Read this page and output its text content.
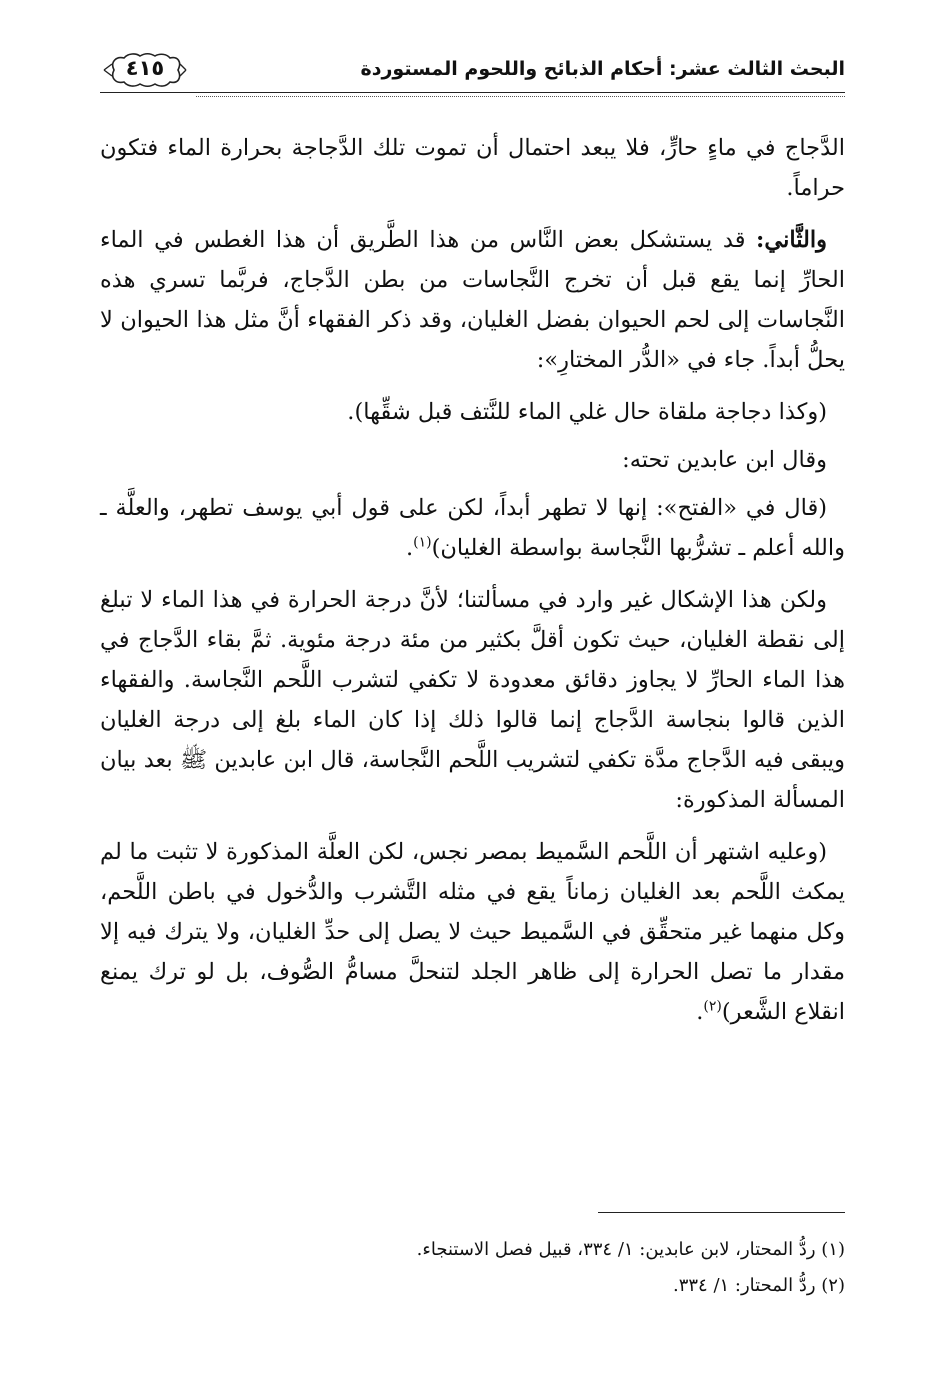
البحث الثالث عشر: أحكام الذبائح واللحوم المستوردة
٤١٥

الدَّجاج في ماءٍ حارٍّ، فلا يبعد احتمال أن تموت تلك الدَّجاجة بحرارة الماء فتكون حراماً.

والثَّاني: قد يستشكل بعض النَّاس من هذا الطَّريق أن هذا الغطس في الماء الحارِّ إنما يقع قبل أن تخرج النَّجاسات من بطن الدَّجاج، فربَّما تسري هذه النَّجاسات إلى لحم الحيوان بفضل الغليان، وقد ذكر الفقهاء أنَّ مثل هذا الحيوان لا يحلُّ أبداً. جاء في «الدُّر المختارِ»:

(وكذا دجاجة ملقاة حال غلي الماء للنَّتف قبل شقِّها).

وقال ابن عابدين تحته:

(قال في «الفتح»: إنها لا تطهر أبداً، لكن على قول أبي يوسف تطهر، والعلَّة ـ والله أعلم ـ تشرُّبها النَّجاسة بواسطة الغليان)$^{(١)}$.

ولكن هذا الإشكال غير وارد في مسألتنا؛ لأنَّ درجة الحرارة في هذا الماء لا تبلغ إلى نقطة الغليان، حيث تكون أقلَّ بكثير من مئة درجة مئوية. ثمَّ بقاء الدَّجاج في هذا الماء الحارِّ لا يجاوز دقائق معدودة لا تكفي لتشرب اللَّحم النَّجاسة. والفقهاء الذين قالوا بنجاسة الدَّجاج إنما قالوا ذلك إذا كان الماء بلغ إلى درجة الغليان ويبقى فيه الدَّجاج مدَّة تكفي لتشريب اللَّحم النَّجاسة، قال ابن عابدين ﷺ بعد بيان المسألة المذكورة:

(وعليه اشتهر أن اللَّحم السَّميط بمصر نجس، لكن العلَّة المذكورة لا تثبت ما لم يمكث اللَّحم بعد الغليان زماناً يقع في مثله التَّشرب والدُّخول في باطن اللَّحم، وكل منهما غير متحقِّق في السَّميط حيث لا يصل إلى حدِّ الغليان، ولا يترك فيه إلا مقدار ما تصل الحرارة إلى ظاهر الجلد لتنحلَّ مسامُّ الصُّوف، بل لو ترك يمنع انقلاع الشَّعر)$^{(٢)}$.

(١) ردُّ المحتار، لابن عابدين: ١/ ٣٣٤، قبيل فصل الاستنجاء.
(٢) ردُّ المحتار: ١/ ٣٣٤.
